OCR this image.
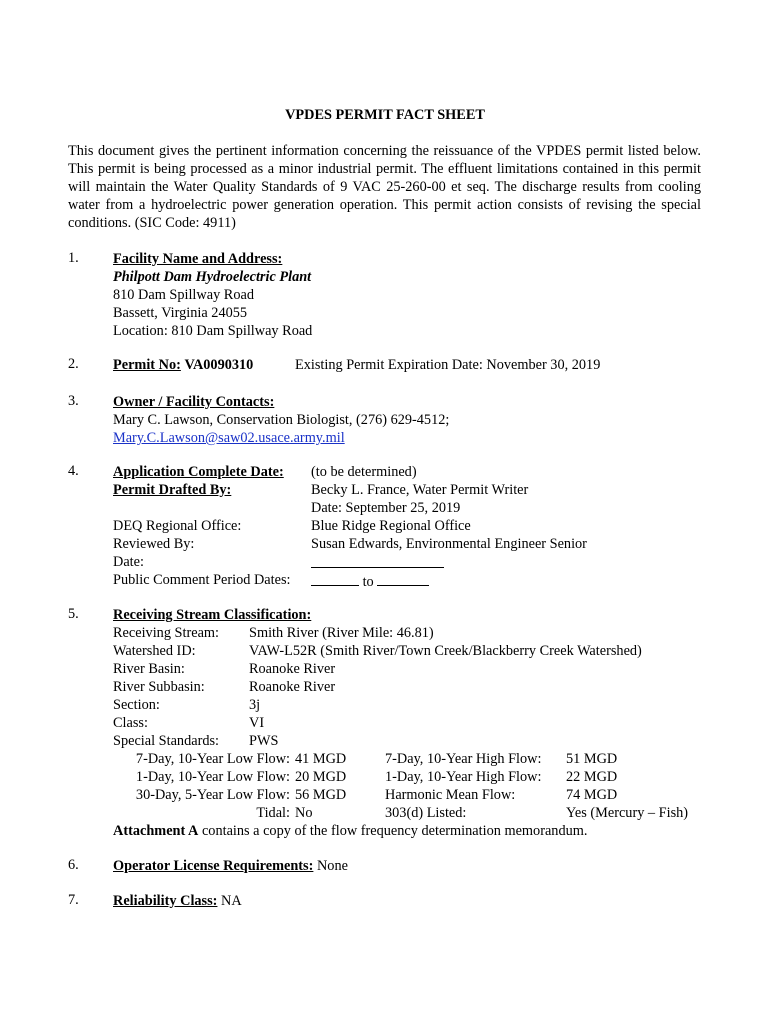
VPDES PERMIT FACT SHEET
This document gives the pertinent information concerning the reissuance of the VPDES permit listed below. This permit is being processed as a minor industrial permit. The effluent limitations contained in this permit will maintain the Water Quality Standards of 9 VAC 25-260-00 et seq. The discharge results from cooling water from a hydroelectric power generation operation. This permit action consists of revising the special conditions. (SIC Code: 4911)
1. Facility Name and Address:
Philpott Dam Hydroelectric Plant
810 Dam Spillway Road
Bassett, Virginia 24055
Location: 810 Dam Spillway Road
2. Permit No: VA0090310	Existing Permit Expiration Date: November 30, 2019
3. Owner / Facility Contacts:
Mary C. Lawson, Conservation Biologist, (276) 629-4512;
Mary.C.Lawson@saw02.usace.army.mil
4. Application Complete Date: (to be determined)
Permit Drafted By:	Becky L. France, Water Permit Writer
Date: September 25, 2019
DEQ Regional Office:	Blue Ridge Regional Office
Reviewed By:	Susan Edwards, Environmental Engineer Senior
Date:
Public Comment Period Dates:	to
5. Receiving Stream Classification:
Receiving Stream: Smith River (River Mile: 46.81)
Watershed ID:	VAW-L52R (Smith River/Town Creek/Blackberry Creek Watershed)
River Basin:	Roanoke River
River Subbasin:	Roanoke River
Section:	3j
Class:	VI
Special Standards: PWS
7-Day, 10-Year Low Flow: 41 MGD	7-Day, 10-Year High Flow: 51 MGD
1-Day, 10-Year Low Flow: 20 MGD	1-Day, 10-Year High Flow: 22 MGD
30-Day, 5-Year Low Flow: 56 MGD	Harmonic Mean Flow:	74 MGD
Tidal: No	303(d) Listed:	Yes (Mercury – Fish)
Attachment A contains a copy of the flow frequency determination memorandum.
6. Operator License Requirements: None
7. Reliability Class: NA
